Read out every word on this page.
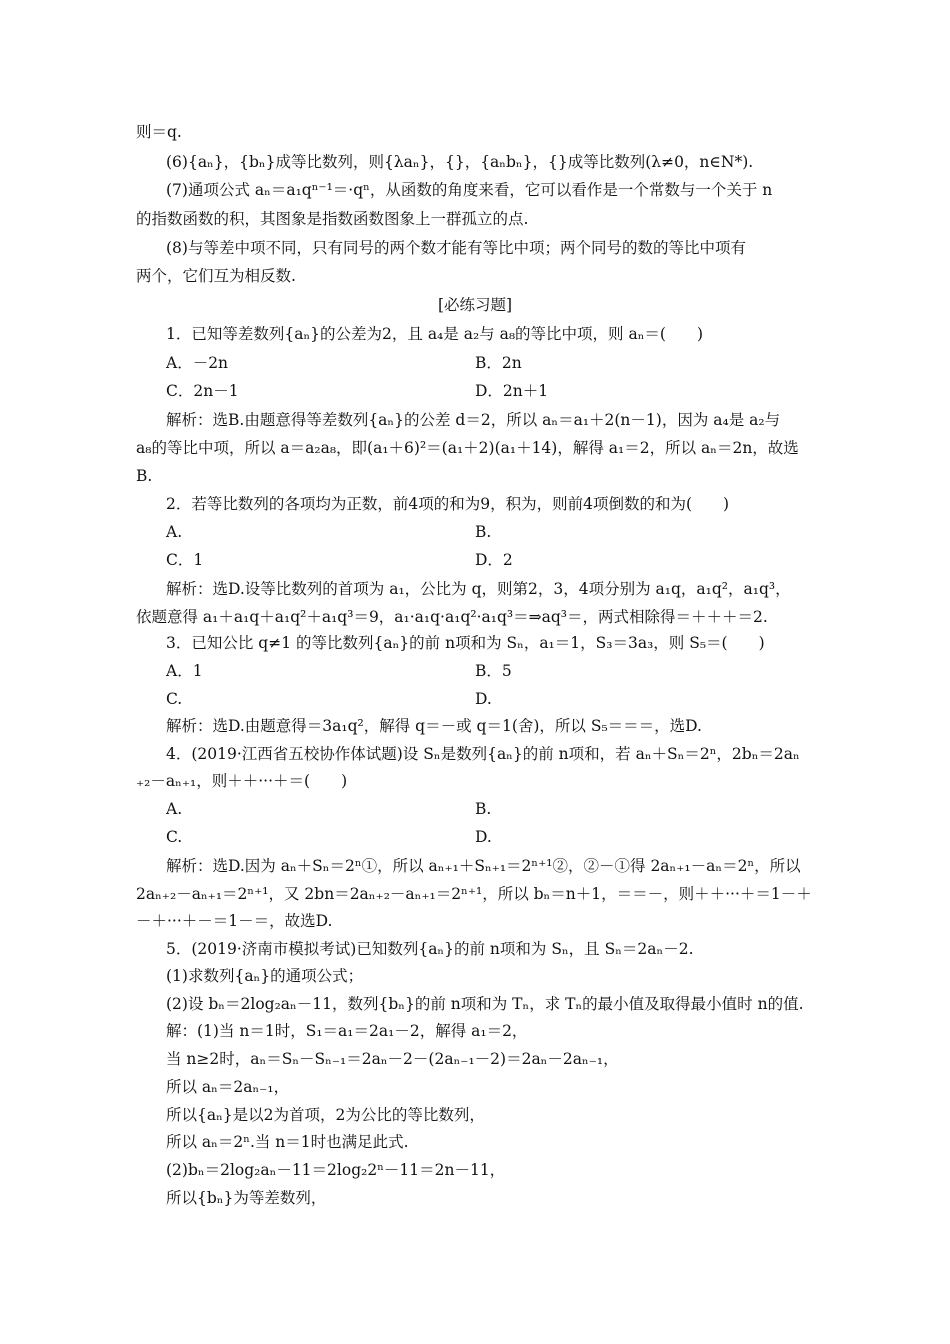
则＝q.
(6){aₙ}，{bₙ}成等比数列，则{λaₙ}，{}，{aₙbₙ}，{}成等比数列(λ≠0，n∈N*).
(7)通项公式 aₙ＝a₁qⁿ⁻¹＝·qⁿ，从函数的角度来看，它可以看作是一个常数与一个关于 n
的指数函数的积，其图象是指数函数图象上一群孤立的点.
(8)与等差中项不同，只有同号的两个数才能有等比中项；两个同号的数的等比中项有
两个，它们互为相反数.
[必练习题]
1．已知等差数列{aₙ}的公差为2，且 a₄是 a₂与 a₈的等比中项，则 aₙ＝(　　)
A．－2n	B．2n
C．2n－1	D．2n＋1
解析：选B.由题意得等差数列{aₙ}的公差 d＝2，所以 aₙ＝a₁＋2(n－1)，因为 a₄是 a₂与
a₈的等比中项，所以 a＝a₂a₈，即(a₁＋6)²＝(a₁＋2)(a₁＋14)，解得 a₁＝2，所以 aₙ＝2n，故选
B.
2．若等比数列的各项均为正数，前4项的和为9，积为，则前4项倒数的和为(　　)
A.	B.
C．1	D．2
解析：选D.设等比数列的首项为 a₁，公比为 q，则第2，3，4项分别为 a₁q，a₁q²，a₁q³，
依题意得 a₁＋a₁q＋a₁q²＋a₁q³＝9，a₁·a₁q·a₁q²·a₁q³＝⇒aq³＝，两式相除得＝＋＋＋＝2.
3．已知公比 q≠1 的等比数列{aₙ}的前 n项和为 Sₙ，a₁＝1，S₃＝3a₃，则 S₅＝(　　)
A．1	B．5
C.	D.
解析：选D.由题意得＝3a₁q²，解得 q＝－或 q＝1(舍)，所以 S₅＝＝＝，选D.
4．(2019·江西省五校协作体试题)设 Sₙ是数列{aₙ}的前 n项和，若 aₙ＋Sₙ＝2ⁿ，2bₙ＝2aₙ
₊₂－aₙ₊₁，则＋＋···＋＝(　　)
A.	B.
C.	D.
解析：选D.因为 aₙ＋Sₙ＝2ⁿ①，所以 aₙ₊₁＋Sₙ₊₁＝2ⁿ⁺¹②，②－①得 2aₙ₊₁－aₙ＝2ⁿ，所以
2aₙ₊₂－aₙ₊₁＝2ⁿ⁺¹，又 2bn＝2aₙ₊₂－aₙ₊₁＝2ⁿ⁺¹，所以 bₙ＝n＋1，＝＝－，则＋＋···＋＝1－＋
－＋···＋－＝1－＝，故选D.
5．(2019·济南市模拟考试)已知数列{aₙ}的前 n项和为 Sₙ，且 Sₙ＝2aₙ－2.
(1)求数列{aₙ}的通项公式；
(2)设 bₙ＝2log₂aₙ－11，数列{bₙ}的前 n项和为 Tₙ，求 Tₙ的最小值及取得最小值时 n的值.
解：(1)当 n＝1时，S₁＝a₁＝2a₁－2，解得 a₁＝2，
当 n≥2时，aₙ＝Sₙ－Sₙ₋₁＝2aₙ－2－(2aₙ₋₁－2)＝2aₙ－2aₙ₋₁，
所以 aₙ＝2aₙ₋₁，
所以{aₙ}是以2为首项，2为公比的等比数列，
所以 aₙ＝2ⁿ.当 n＝1时也满足此式.
(2)bₙ＝2log₂aₙ－11＝2log₂2ⁿ－11＝2n－11，
所以{bₙ}为等差数列，
